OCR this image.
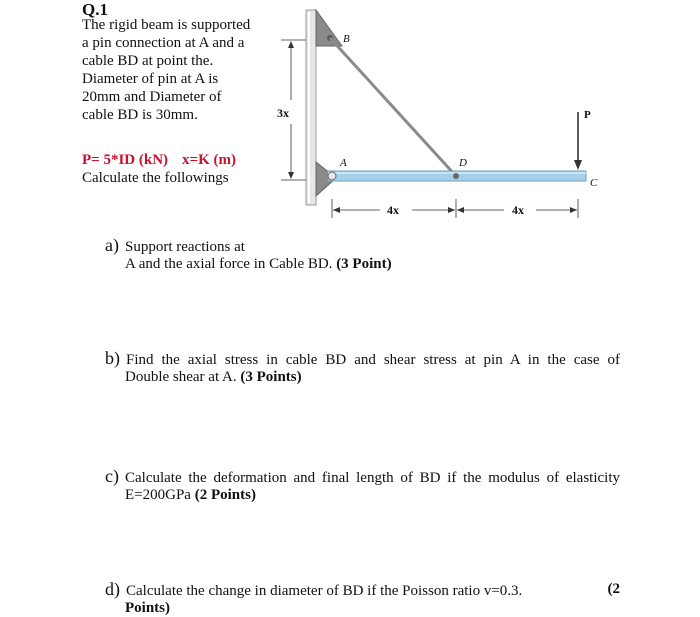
Q.1
The rigid beam is supported
a pin connection at A and a
cable BD at point the.
Diameter of pin at A is
20mm and Diameter of
cable BD is 30mm.
P= 5*ID (kN) x=K (m)
Calculate the followings
3x
B
A	D
C
P
4x	4x
a) Support reactions at
A and the axial force in Cable BD. (3 Point)
b) Find the axial stress in cable BD and shear stress at pin A in the case of
Double shear at A. (3 Points)
c) Calculate the deformation and final length of BD if the modulus of elasticity
E=200GPa (2 Points)
d) Calculate the change in diameter of BD if the Poisson ratio v=0.3.	(2
Points)
